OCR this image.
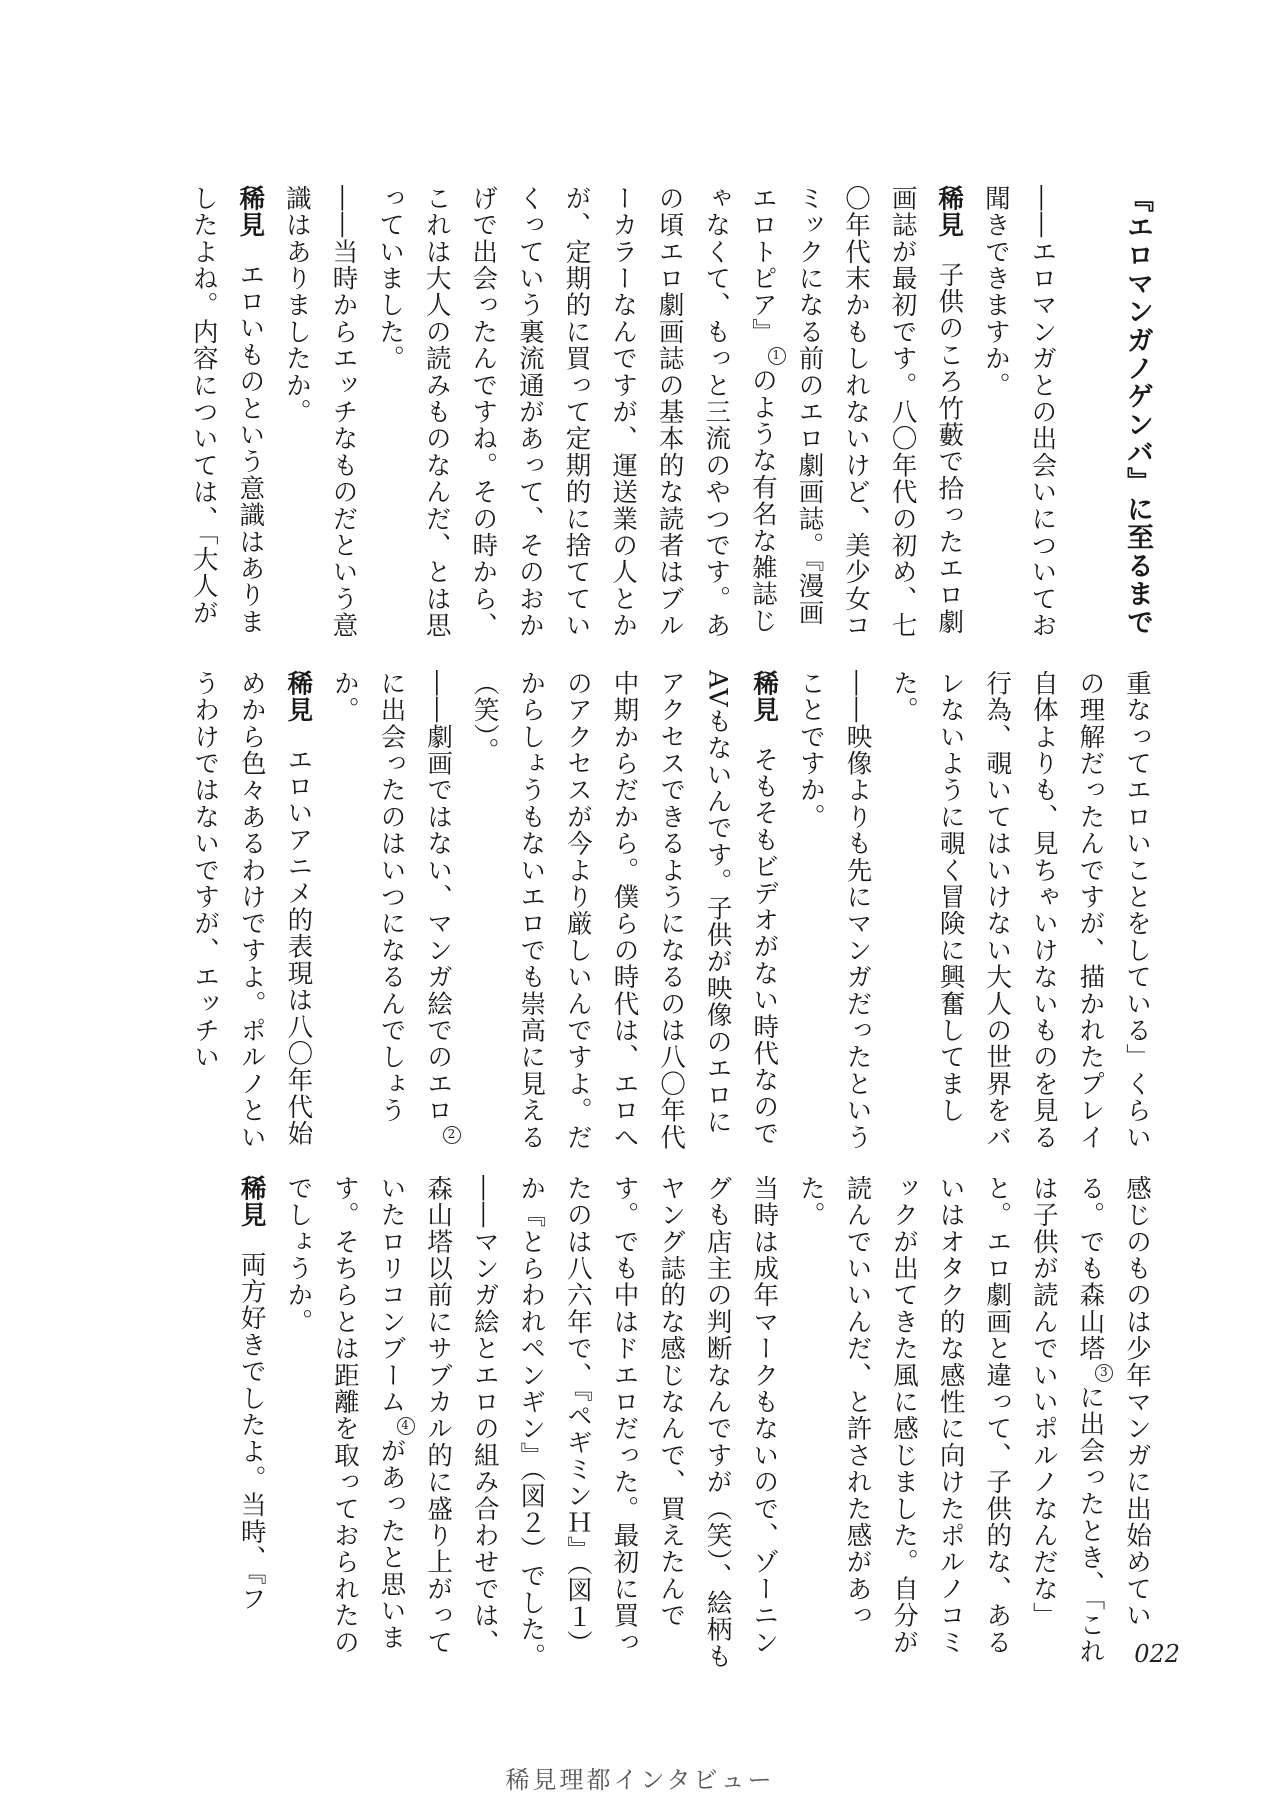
『エロマンガノゲンバ』に至るまで
――エロマンガとの出会いについてお聞きできますか。
稀見子供のころ竹藪で拾ったエロ劇画誌が最初です。八〇年代の初め、七〇年代末かもしれないけど、美少女コミックになる前のエロ劇画誌。『漫画エロトピア』1のような有名な雑誌じゃなくて、もっと三流のやつです。あの頃エロ劇画誌の基本的な読者はブルーカラーなんですが、運送業の人とかが、定期的に買って定期的に捨てていくっていう裏流通があって、そのおかげで出会ったんですね。その時から、これは大人の読みものなんだ、とは思っていました。
――当時からエッチなものだという意識はありましたか。
稀見エロいものという意識はありましたよね。内容については、「大人が
重なってエロいことをしている」くらいの理解だったんですが、描かれたプレイ自体よりも、見ちゃいけないものを見る行為、覗いてはいけない大人の世界をバレないように覗く冒険に興奮してました。
――映像よりも先にマンガだったということですか。
稀見そもそもビデオがない時代なのでAVもないんです。子供が映像のエロにアクセスできるようになるのは八〇年代中期からだから。僕らの時代は、エロへのアクセスが今より厳しいんですよ。だからしょうもないエロでも崇高に見える（笑）。
――劇画ではない、マンガ絵でのエロ2に出会ったのはいつになるんでしょうか。
稀見エロいアニメ的表現は八〇年代始めから色々あるわけですよ。ポルノというわけではないですが、エッチい
感じのものは少年マンガに出始めている。でも森山塔3に出会ったとき、「これは子供が読んでいいポルノなんだな」と。エロ劇画と違って、子供的な、あるいはオタク的な感性に向けたポルノコミックが出てきた風に感じました。自分が読んでいいんだ、と許された感があった。
当時は成年マークもないので、ゾーニングも店主の判断なんですが（笑）、絵柄もヤング誌的な感じなんで、買えたんです。でも中はドエロだった。最初に買ったのは八六年で、『ペギミンＨ』（図１）か『とらわれペンギン』（図２）でした。
――マンガ絵とエロの組み合わせでは、森山塔以前にサブカル的に盛り上がっていたロリコンブーム4があったと思います。そちらとは距離を取っておられたのでしょうか。
稀見両方好きでしたよ。当時、『フ
022
稀見理都インタビュー
